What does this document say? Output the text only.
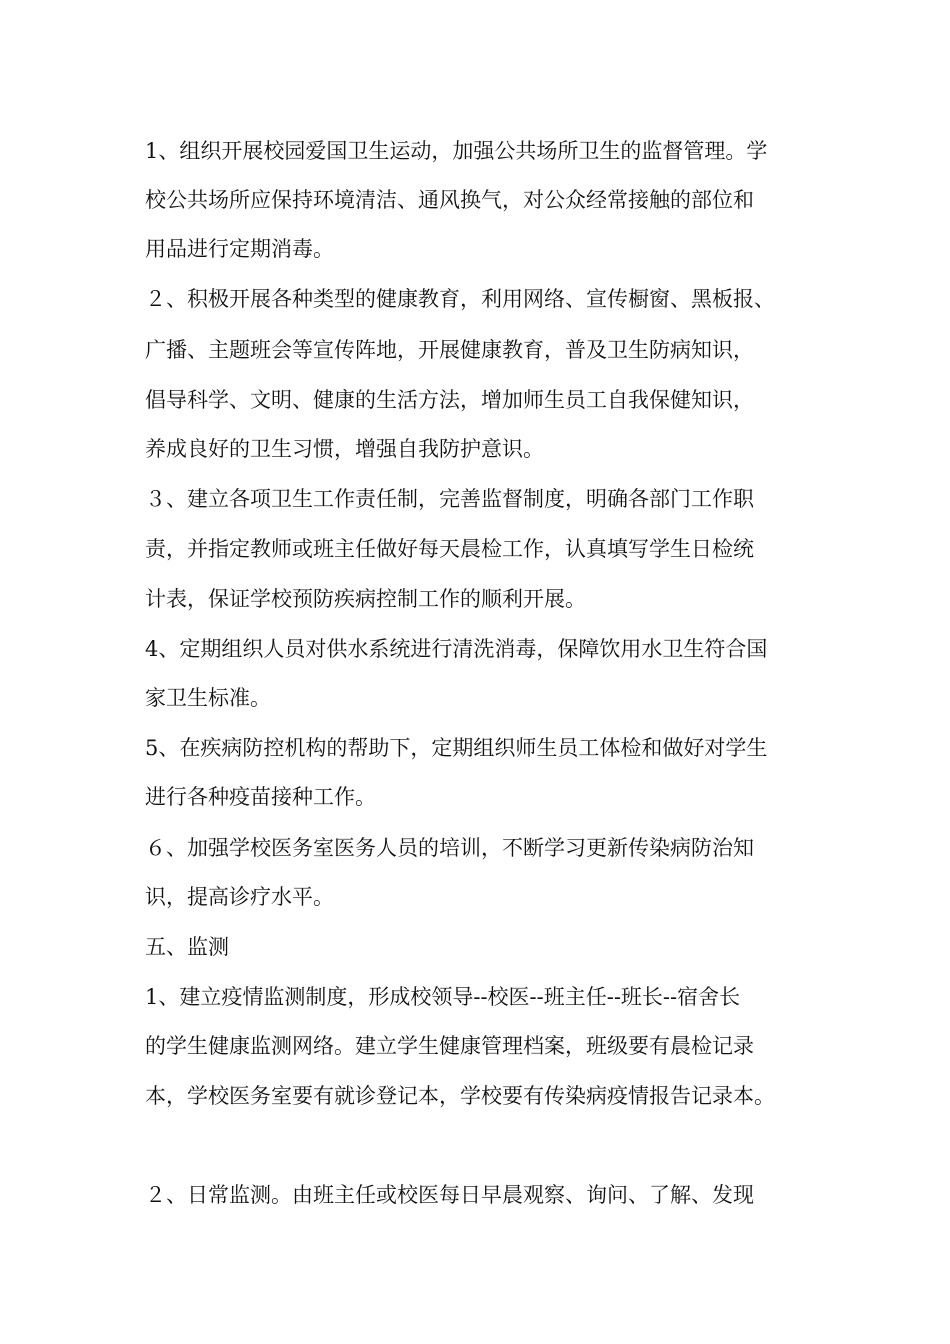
1、组织开展校园爱国卫生运动，加强公共场所卫生的监督管理。学
校公共场所应保持环境清洁、通风换气，对公众经常接触的部位和
用品进行定期消毒。
２、积极开展各种类型的健康教育，利用网络、宣传橱窗、黑板报、
广播、主题班会等宣传阵地，开展健康教育，普及卫生防病知识，
倡导科学、文明、健康的生活方法，增加师生员工自我保健知识，
养成良好的卫生习惯，增强自我防护意识。
３、建立各项卫生工作责任制，完善监督制度，明确各部门工作职
责，并指定教师或班主任做好每天晨检工作，认真填写学生日检统
计表，保证学校预防疾病控制工作的顺利开展。
4、定期组织人员对供水系统进行清洗消毒，保障饮用水卫生符合国
家卫生标准。
5、在疾病防控机构的帮助下，定期组织师生员工体检和做好对学生
进行各种疫苗接种工作。
６、加强学校医务室医务人员的培训，不断学习更新传染病防治知
识，提高诊疗水平。
五、监测
1、建立疫情监测制度，形成校领导--校医--班主任--班长--宿舍长
的学生健康监测网络。建立学生健康管理档案，班级要有晨检记录
本，学校医务室要有就诊登记本，学校要有传染病疫情报告记录本。
２、日常监测。由班主任或校医每日早晨观察、询问、了解、发现
